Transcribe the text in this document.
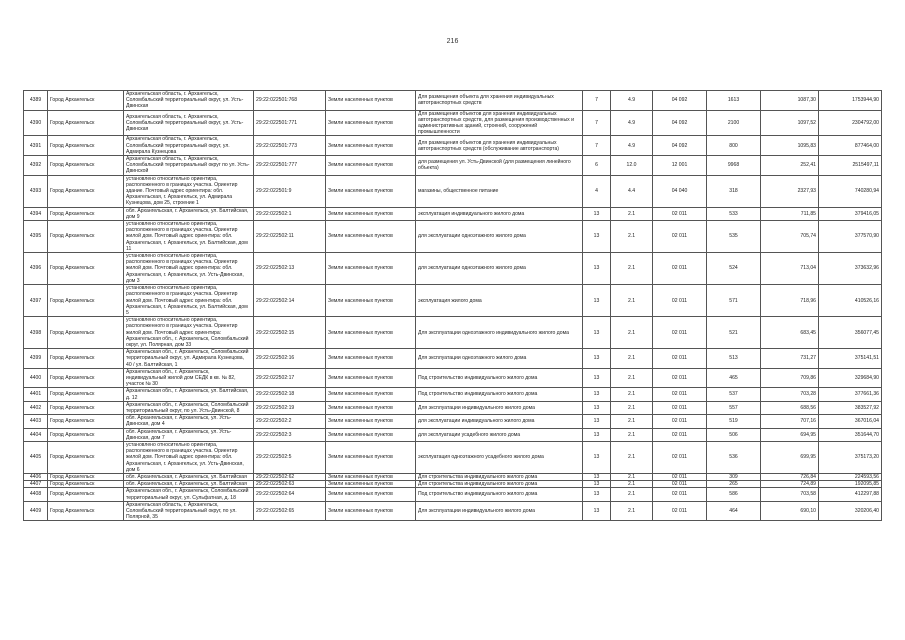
216
4389	Город Архангельск	Архангельская область, г. Архангельск, Соломбальский территориальный округ, ул. Усть-Двинская	29:22:022501:768	Земли населенных пунктов	Для размещения объекта для хранения индивидуальных автотранспортных средств	7	4.9	04 092	1613	1087,30	1753944,90
4390	Город Архангельск	Архангельская область, г. Архангельск, Соломбальский территориальный округ, ул. Усть-Двинская	29:22:022501:771	Земли населенных пунктов	Для размещения объектов для хранения индивидуальных автотранспортных средств, для размещения производственных и административных зданий, строений, сооружений промышленности	7	4.9	04 092	2100	1097,52	2304792,00
4391	Город Архангельск	Архангельская область, г. Архангельск, Соломбальский территориальный округ, ул. Адмирала Кузнецова	29:22:022501:773	Земли населенных пунктов	Для размещения объектов для хранения индивидуальных автотранспортных средств (обслуживание автотранспорта)	7	4.9	04 092	800	1095,83	877464,00
4392	Город Архангельск	Архангельская область, г. Архангельск, Соломбальский территориальный округ по ул. Усть-Двинской	29:22:022501:777	Земли населенных пунктов	для размещения ул. Усть-Двинской (для размещения линейного объекта)	6	12.0	12 001	9968	252,41	2515497,11
4393	Город Архангельск	установлено относительно ориентира, расположенного в границах участка. Ориентир здание. Почтовый адрес ориентира: обл. Архангельская, г. Архангельск, ул. Адмирала Кузнецова, дом 25, строение 1	29:22:022501:9	Земли населенных пунктов	магазины, общественное питание	4	4.4	04 040	318	2327,93	740280,94
4394	Город Архангельск	обл. Архангельская, г. Архангельск, ул. Балтийская, дом 9	29:22:022502:1	Земли населенных пунктов	эксплуатация индивидуального жилого дома	13	2.1	02 011	533	711,85	379416,05
4395	Город Архангельск	установлено относительно ориентира, расположенного в границах участка. Ориентир жилой дом. Почтовый адрес ориентира: обл. Архангельская, г. Архангельск, ул. Балтийская, дом 11	29:22:022502:11	Земли населенных пунктов	для эксплуатации одноэтажного жилого дома	13	2.1	02 011	535	705,74	377570,90
4396	Город Архангельск	установлено относительно ориентира, расположенного в границах участка. Ориентир жилой дом. Почтовый адрес ориентира: обл. Архангельская, г. Архангельск, ул. Усть-Двинская, дом 3	29:22:022502:13	Земли населенных пунктов	для эксплуатации одноэтажного жилого дома	13	2.1	02 011	524	713,04	373632,96
4397	Город Архангельск	установлено относительно ориентира, расположенного в границах участка. Ориентир жилой дом. Почтовый адрес ориентира: обл. Архангельская, г. Архангельск, ул. Балтийская, дом 5	29:22:022502:14	Земли населенных пунктов	эксплуатация жилого дома	13	2.1	02 011	571	718,96	410526,16
4398	Город Архангельск	установлено относительно ориентира, расположенного в границах участка. Ориентир жилой дом. Почтовый адрес ориентира: Архангельская обл., г. Архангельск, Соломбальский округ, ул. Полярная, дом 33	29:22:022502:15	Земли населенных пунктов	Для эксплуатации одноэтажного индивидуального жилого дома	13	2.1	02 011	521	683,45	356077,45
4399	Город Архангельск	Архангельская обл., г. Архангельск, Соломбальский территориальный округ, ул. Адмирала Кузнецова, 40 / ул. Балтийская, 1	29:22:022502:16	Земли населенных пунктов	Для эксплуатации одноэтажного жилого дома	13	2.1	02 011	513	731,27	375141,51
4400	Город Архангельск	Архангельская обл., г. Архангельск, индивидуальный жилой дом СЕДК в кв. № 82, участок № 30	29:22:022502:17	Земли населенных пунктов	Под строительство индивидуального жилого дома	13	2.1	02 011	465	709,86	329684,90
4401	Город Архангельск	Архангельская обл., г. Архангельск, ул. Балтийская, д. 12	29:22:022502:18	Земли населенных пунктов	Под строительство индивидуального жилого дома	13	2.1	02 011	537	703,28	377661,36
4402	Город Архангельск	Архангельская обл., г. Архангельск, Соломбальский территориальный округ, по ул. Усть-Двинской, 8	29:22:022502:19	Земли населенных пунктов	Для эксплуатации индивидуального жилого дома	13	2.1	02 011	557	688,56	383527,92
4403	Город Архангельск	обл. Архангельская, г. Архангельск, ул. Усть-Двинская, дом 4	29:22:022502:2	Земли населенных пунктов	для эксплуатации индивидуального жилого дома	13	2.1	02 011	519	707,16	367016,04
4404	Город Архангельск	обл. Архангельская, г. Архангельск, ул. Усть-Двинская, дом 7	29:22:022502:3	Земли населенных пунктов	для эксплуатации усадебного жилого дома	13	2.1	02 011	506	694,95	351644,70
4405	Город Архангельск	установлено относительно ориентира, расположенного в границах участка. Ориентир жилой дом. Почтовый адрес ориентира: обл. Архангельская, г. Архангельск, ул. Усть-Двинская, дом 6	29:22:022502:5	Земли населенных пунктов	эксплуатация одноэтажного усадебного жилого дома	13	2.1	02 011	536	699,95	375173,20
4406	Город Архангельск	обл. Архангельская, г. Архангельск, ул. Балтийская	29:22:022502:62	Земли населенных пунктов	Для строительства индивидуального жилого дома	13	2.1	02 011	309	726,84	224593,56
4407	Город Архангельск	обл. Архангельская, г. Архангельск, ул. Балтийская	29:22:022502:63	Земли населенных пунктов	Для строительства индивидуального жилого дома	13	2.1	02 011	265	724,89	192095,85
4408	Город Архангельск	Архангельская обл., г. Архангельск, Соломбальский территориальный округ, ул. Сульфатная, д. 18	29:22:022502:64	Земли населенных пунктов	Под строительство индивидуального жилого дома	13	2.1	02 011	586	703,58	412297,88
4409	Город Архангельск	Архангельская область, г. Архангельск, Соломбальский территориальный округ, по ул. Полярной, 35	29:22:022502:65	Земли населенных пунктов	Для эксплуатации индивидуального жилого дома	13	2.1	02 011	464	690,10	320206,40
